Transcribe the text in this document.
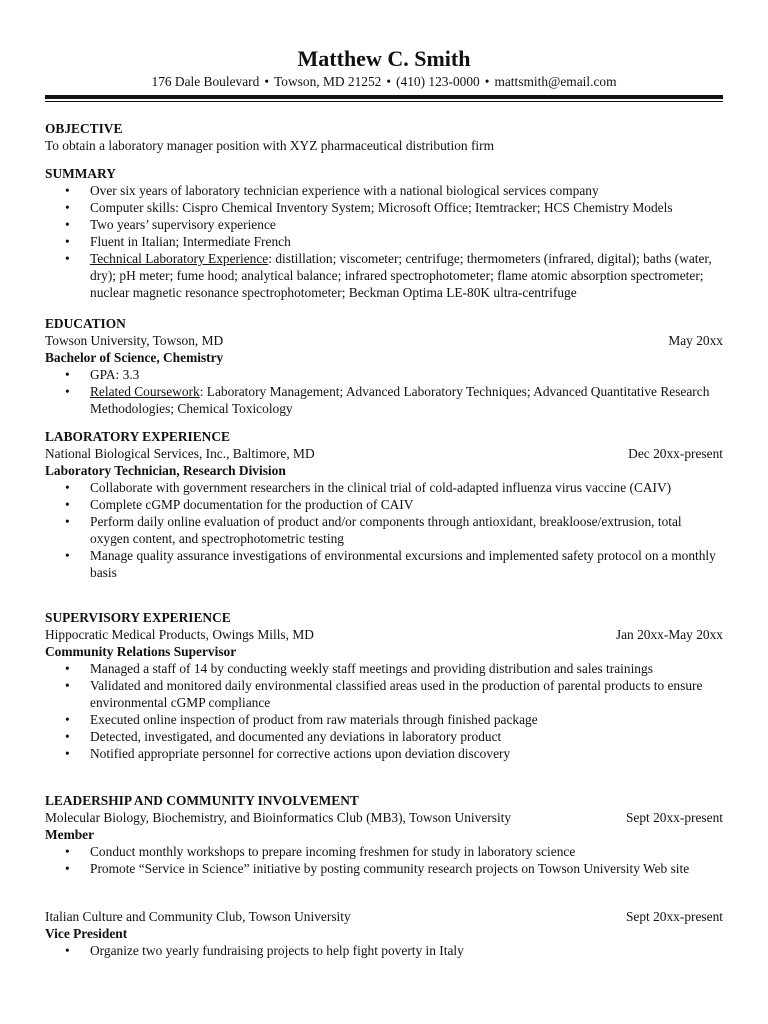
Matthew C. Smith
176 Dale Boulevard • Towson, MD 21252 • (410) 123-0000 • mattsmith@email.com
OBJECTIVE
To obtain a laboratory manager position with XYZ pharmaceutical distribution firm
SUMMARY
• Over six years of laboratory technician experience with a national biological services company
• Computer skills: Cispro Chemical Inventory System; Microsoft Office; Itemtracker; HCS Chemistry Models
• Two years’ supervisory experience
• Fluent in Italian; Intermediate French
• Technical Laboratory Experience: distillation; viscometer; centrifuge; thermometers (infrared, digital); baths (water, dry); pH meter; fume hood; analytical balance; infrared spectrophotometer; flame atomic absorption spectrometer; nuclear magnetic resonance spectrophotometer; Beckman Optima LE-80K ultra-centrifuge
EDUCATION
Towson University, Towson, MD	May 20xx
Bachelor of Science, Chemistry
• GPA: 3.3
• Related Coursework: Laboratory Management; Advanced Laboratory Techniques; Advanced Quantitative Research Methodologies; Chemical Toxicology
LABORATORY EXPERIENCE
National Biological Services, Inc., Baltimore, MD	Dec 20xx-present
Laboratory Technician, Research Division
• Collaborate with government researchers in the clinical trial of cold-adapted influenza virus vaccine (CAIV)
• Complete cGMP documentation for the production of CAIV
• Perform daily online evaluation of product and/or components through antioxidant, breakloose/extrusion, total oxygen content, and spectrophotometric testing
• Manage quality assurance investigations of environmental excursions and implemented safety protocol on a monthly basis
SUPERVISORY EXPERIENCE
Hippocratic Medical Products, Owings Mills, MD	Jan 20xx-May 20xx
Community Relations Supervisor
• Managed a staff of 14 by conducting weekly staff meetings and providing distribution and sales trainings
• Validated and monitored daily environmental classified areas used in the production of parental products to ensure environmental cGMP compliance
• Executed online inspection of product from raw materials through finished package
• Detected, investigated, and documented any deviations in laboratory product
• Notified appropriate personnel for corrective actions upon deviation discovery
LEADERSHIP AND COMMUNITY INVOLVEMENT
Molecular Biology, Biochemistry, and Bioinformatics Club (MB3), Towson University	Sept 20xx-present
Member
• Conduct monthly workshops to prepare incoming freshmen for study in laboratory science
• Promote “Service in Science” initiative by posting community research projects on Towson University Web site
Italian Culture and Community Club, Towson University	Sept 20xx-present
Vice President
• Organize two yearly fundraising projects to help fight poverty in Italy
